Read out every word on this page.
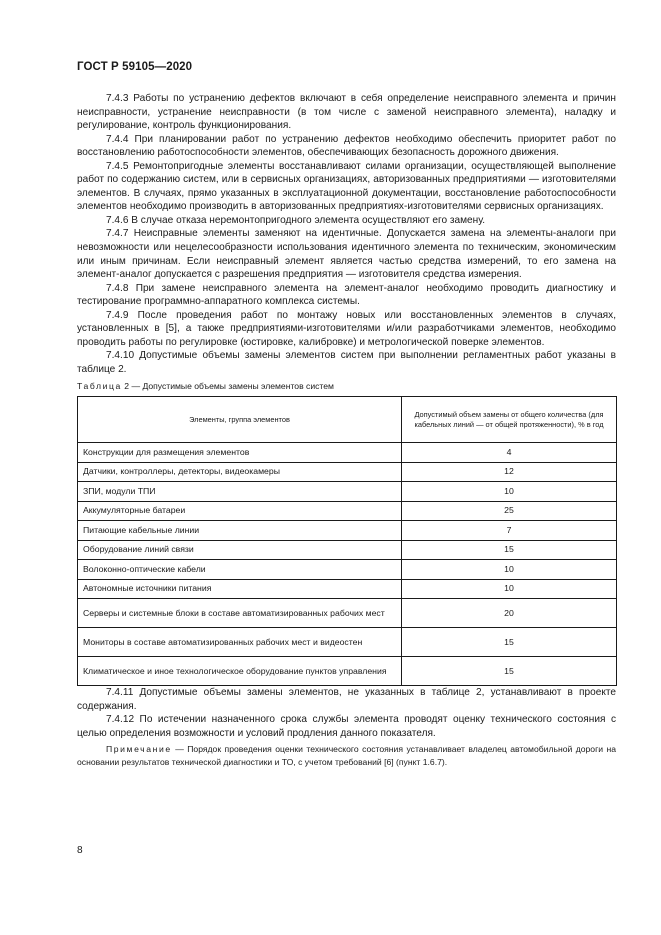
ГОСТ Р 59105—2020

7.4.3 Работы по устранению дефектов включают в себя определение неисправного элемента и причин неисправности, устранение неисправности (в том числе с заменой неисправного элемента), наладку и регулирование, контроль функционирования.

7.4.4 При планировании работ по устранению дефектов необходимо обеспечить приоритет работ по восстановлению работоспособности элементов, обеспечивающих безопасность дорожного движения.

7.4.5 Ремонтопригодные элементы восстанавливают силами организации, осуществляющей выполнение работ по содержанию систем, или в сервисных организациях, авторизованных предприятиями — изготовителями элементов. В случаях, прямо указанных в эксплуатационной документации, восстановление работоспособности элементов необходимо производить в авторизованных предприятиях-изготовителями сервисных организациях.

7.4.6 В случае отказа неремонтопригодного элемента осуществляют его замену.

7.4.7 Неисправные элементы заменяют на идентичные. Допускается замена на элементы-аналоги при невозможности или нецелесообразности использования идентичного элемента по техническим, экономическим или иным причинам. Если неисправный элемент является частью средства измерений, то его замена на элемент-аналог допускается с разрешения предприятия — изготовителя средства измерения.

7.4.8 При замене неисправного элемента на элемент-аналог необходимо проводить диагностику и тестирование программно-аппаратного комплекса системы.

7.4.9 После проведения работ по монтажу новых или восстановленных элементов в случаях, установленных в [5], а также предприятиями-изготовителями и/или разработчиками элементов, необходимо проводить работы по регулировке (юстировке, калибровке) и метрологической поверке элементов.

7.4.10 Допустимые объемы замены элементов систем при выполнении регламентных работ указаны в таблице 2.

Таблица 2 — Допустимые объемы замены элементов систем
Элементы, группа элементов	Допустимый объем замены от общего количества (для кабельных линий — от общей протяженности), % в год
Конструкции для размещения элементов	4
Датчики, контроллеры, детекторы, видеокамеры	12
ЗПИ, модули ТПИ	10
Аккумуляторные батареи	25
Питающие кабельные линии	7
Оборудование линий связи	15
Волоконно-оптические кабели	10
Автономные источники питания	10
Серверы и системные блоки в составе автоматизированных рабочих мест	20
Мониторы в составе автоматизированных рабочих мест и видеостен	15
Климатическое и иное технологическое оборудование пунктов управления	15

7.4.11 Допустимые объемы замены элементов, не указанных в таблице 2, устанавливают в проекте содержания.

7.4.12 По истечении назначенного срока службы элемента проводят оценку технического состояния с целью определения возможности и условий продления данного показателя.

Примечание — Порядок проведения оценки технического состояния устанавливает владелец автомобильной дороги на основании результатов технической диагностики и ТО, с учетом требований [6] (пункт 1.6.7).

8
